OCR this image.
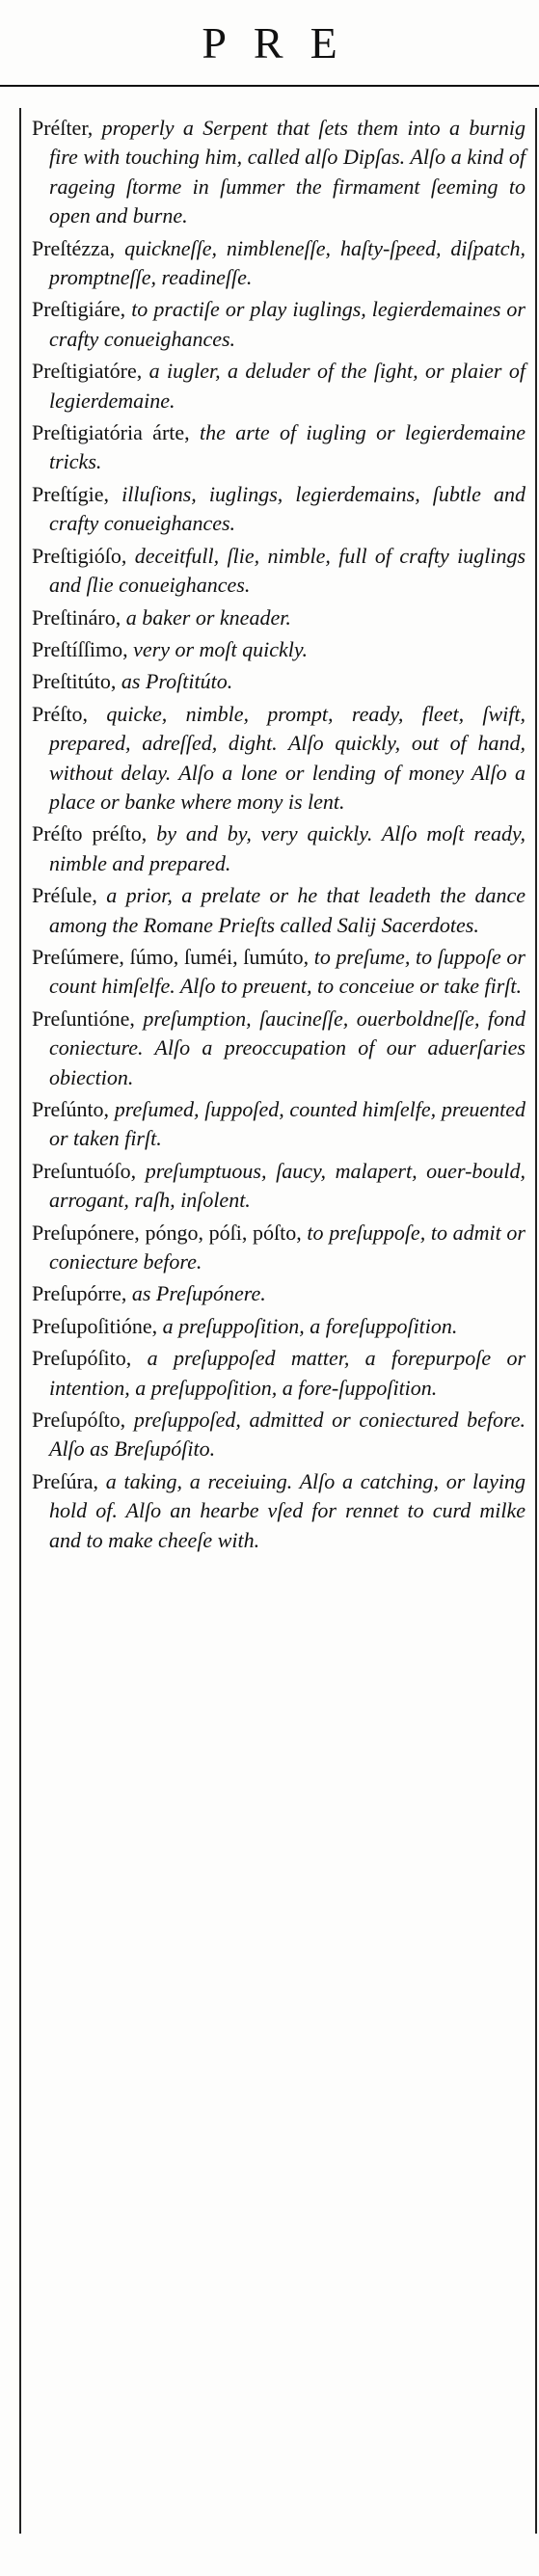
PRE

Préſter, properly a Serpent that ſets them into a burnig fire with touching him, called alſo Dipſas. Alſo a kind of rageing ſtorme in ſummer the firmament ſeeming to open and burne.

Preſtézza, quickneſſe, nimbleneſſe, haſty-ſpeed, diſpatch, promptneſſe, readineſſe.

Preſtigiáre, to practiſe or play iuglings, legierdemaines or crafty conueighances.

Preſtigiatóre, a iugler, a deluder of the ſight, or plaier of legierdemaine.

Preſtigiatória árte, the arte of iugling or legierdemaine tricks.

Preſtígie, illuſions, iuglings, legierdemains, ſubtle and crafty conueighances.

Preſtigióſo, deceitfull, ſlie, nimble, full of crafty iuglings and ſlie conueighances.

Preſtináro, a baker or kneader.

Preſtíſſimo, very or moſt quickly.

Preſtitúto, as Proſtitúto.

Préſto, quicke, nimble, prompt, ready, fleet, ſwift, prepared, adreſſed, dight. Alſo quickly, out of hand, without delay. Alſo a lone or lending of money Alſo a place or banke where mony is lent.

Préſto préſto, by and by, very quickly. Alſo moſt ready, nimble and prepared.

Préſule, a prior, a prelate or he that leadeth the dance among the Romane Prieſts called Salij Sacerdotes.

Preſúmere, ſúmo, ſuméi, ſumúto, to preſume, to ſuppoſe or count himſelfe. Alſo to preuent, to conceiue or take firſt.

Preſuntióne, preſumption, ſaucineſſe, ouerboldneſſe, fond coniecture. Alſo a preoccupation of our aduerſaries obiection.

Preſúnto, preſumed, ſuppoſed, counted himſelfe, preuented or taken firſt.

Preſuntuóſo, preſumptuous, ſaucy, malapert, ouer-bould, arrogant, raſh, inſolent.

Preſupónere, póngo, póſi, póſto, to preſuppoſe, to admit or coniecture before.

Preſupórre, as Preſupónere.

Preſupoſitióne, a preſuppoſition, a foreſuppoſition.

Preſupóſito, a preſuppoſed matter, a forepurpoſe or intention, a preſuppoſition, a fore-ſuppoſition.

Preſupóſto, preſuppoſed, admitted or coniectured before. Alſo as Breſupóſito.

Preſúra, a taking, a receiuing. Alſo a catching, or laying hold of. Alſo an hearbe vſed for rennet to curd milke and to make cheeſe with.
